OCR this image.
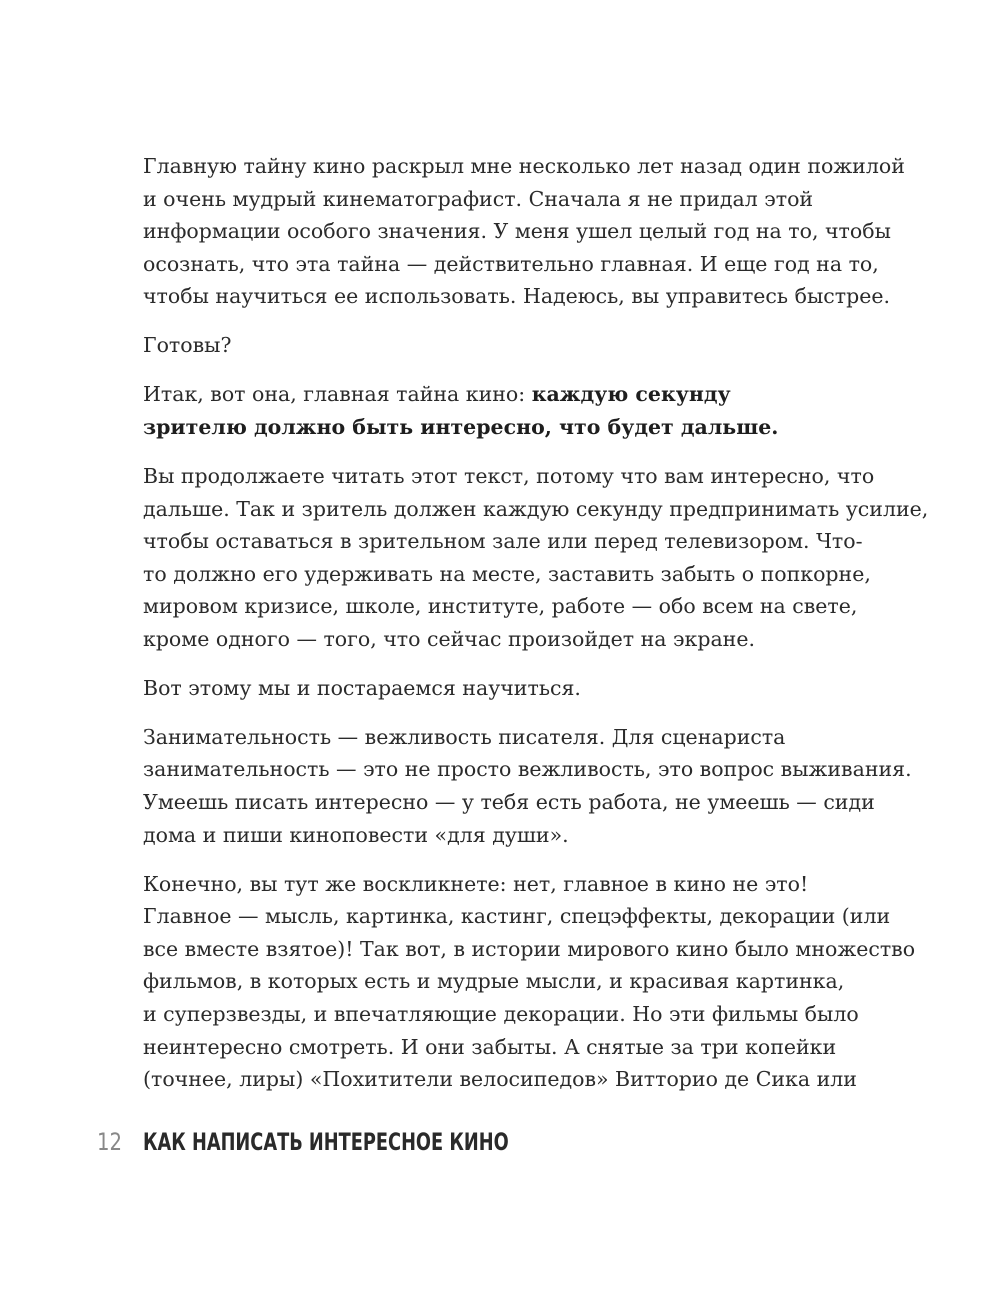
Главную тайну кино раскрыл мне несколько лет назад один пожилой
и очень мудрый кинематографист. Сначала я не придал этой
информации особого значения. У меня ушел целый год на то, чтобы
осознать, что эта тайна — действительно главная. И еще год на то,
чтобы научиться ее использовать. Надеюсь, вы управитесь быстрее.

Готовы?

Итак, вот она, главная тайна кино: каждую секунду
зрителю должно быть интересно, что будет дальше.

Вы продолжаете читать этот текст, потому что вам интересно, что
дальше. Так и зритель должен каждую секунду предпринимать усилие,
чтобы оставаться в зрительном зале или перед телевизором. Что-
то должно его удерживать на месте, заставить забыть о попкорне,
мировом кризисе, школе, институте, работе — обо всем на свете,
кроме одного — того, что сейчас произойдет на экране.

Вот этому мы и постараемся научиться.

Занимательность — вежливость писателя. Для сценариста
занимательность — это не просто вежливость, это вопрос выживания.
Умеешь писать интересно — у тебя есть работа, не умеешь — сиди
дома и пиши киноповести «для души».

Конечно, вы тут же воскликнете: нет, главное в кино не это!
Главное — мысль, картинка, кастинг, спецэффекты, декорации (или
все вместе взятое)! Так вот, в истории мирового кино было множество
фильмов, в которых есть и мудрые мысли, и красивая картинка,
и суперзвезды, и впечатляющие декорации. Но эти фильмы было
неинтересно смотреть. И они забыты. А снятые за три копейки
(точнее, лиры) «Похитители велосипедов» Витторио де Сика или

12 КАК НАПИСАТЬ ИНТЕРЕСНОЕ КИНО
